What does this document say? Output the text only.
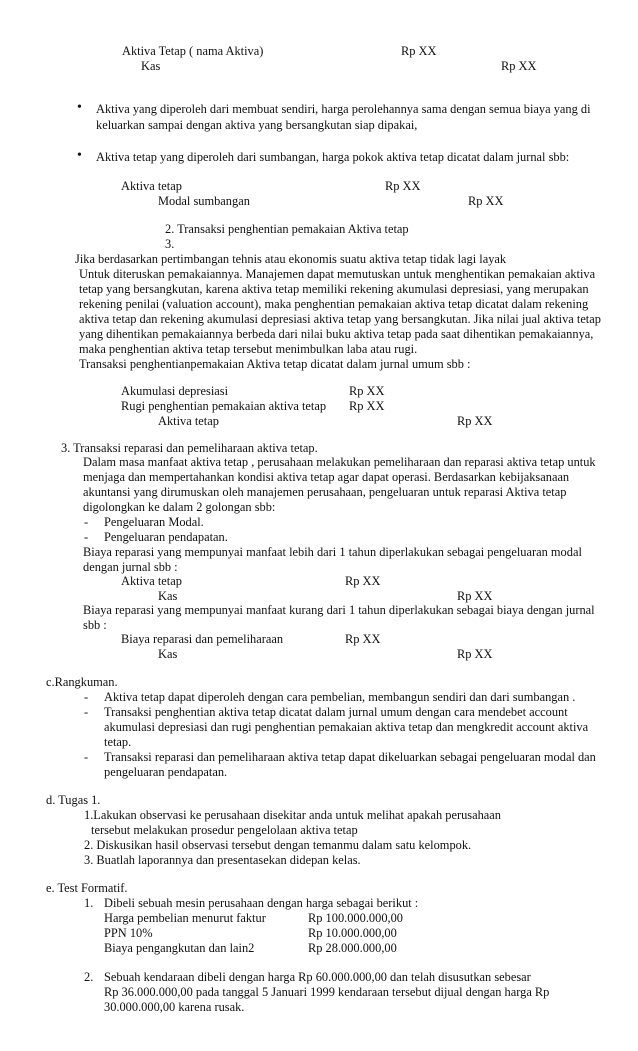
Aktiva Tetap ( nama Aktiva)	Rp XX
Kas	Rp XX
• Aktiva yang diperoleh dari membuat sendiri, harga perolehannya sama dengan semua biaya yang di
keluarkan sampai dengan aktiva yang bersangkutan siap dipakai,
• Aktiva tetap yang diperoleh dari sumbangan, harga pokok aktiva tetap dicatat dalam jurnal sbb:
Aktiva tetap	Rp XX
Modal sumbangan	Rp XX
2. Transaksi penghentian pemakaian Aktiva tetap
3.
Jika berdasarkan pertimbangan tehnis atau ekonomis suatu aktiva tetap tidak lagi layak
Untuk diteruskan pemakaiannya. Manajemen dapat memutuskan untuk menghentikan pemakaian aktiva
tetap yang bersangkutan, karena aktiva tetap memiliki rekening akumulasi depresiasi, yang merupakan
rekening penilai (valuation account), maka penghentian pemakaian aktiva tetap dicatat dalam rekening
aktiva tetap dan rekening akumulasi depresiasi aktiva tetap yang bersangkutan. Jika nilai jual aktiva tetap
yang dihentikan pemakaiannya berbeda dari nilai buku aktiva tetap pada saat dihentikan pemakaiannya,
maka penghentian aktiva tetap tersebut menimbulkan laba atau rugi.
Transaksi penghentianpemakaian Aktiva tetap dicatat dalam jurnal umum sbb :
Akumulasi depresiasi	Rp XX
Rugi penghentian pemakaian aktiva tetap Rp XX
Aktiva tetap	Rp XX
3. Transaksi reparasi dan pemeliharaan aktiva tetap.
Dalam masa manfaat aktiva tetap , perusahaan melakukan pemeliharaan dan reparasi aktiva tetap untuk
menjaga dan mempertahankan kondisi aktiva tetap agar dapat operasi. Berdasarkan kebijaksanaan
akuntansi yang dirumuskan oleh manajemen perusahaan, pengeluaran untuk reparasi Aktiva tetap
digolongkan ke dalam 2 golongan sbb:
- Pengeluaran Modal.
- Pengeluaran pendapatan.
Biaya reparasi yang mempunyai manfaat lebih dari 1 tahun diperlakukan sebagai pengeluaran modal
dengan jurnal sbb :
Aktiva tetap	Rp XX
Kas	Rp XX
Biaya reparasi yang mempunyai manfaat kurang dari 1 tahun diperlakukan sebagai biaya dengan jurnal
sbb :
Biaya reparasi dan pemeliharaan	Rp XX
Kas	Rp XX
c.Rangkuman.
- Aktiva tetap dapat diperoleh dengan cara pembelian, membangun sendiri dan dari sumbangan .
- Transaksi penghentian aktiva tetap dicatat dalam jurnal umum dengan cara mendebet account
akumulasi depresiasi dan rugi penghentian pemakaian aktiva tetap dan mengkredit account aktiva
tetap.
- Transaksi reparasi dan pemeliharaan aktiva tetap dapat dikeluarkan sebagai pengeluaran modal dan
pengeluaran pendapatan.
d. Tugas 1.
1.Lakukan observasi ke perusahaan disekitar anda untuk melihat apakah perusahaan
tersebut melakukan prosedur pengelolaan aktiva tetap
2. Diskusikan hasil observasi tersebut dengan temanmu dalam satu kelompok.
3. Buatlah laporannya dan presentasekan didepan kelas.
e. Test Formatif.
1. Dibeli sebuah mesin perusahaan dengan harga sebagai berikut :
Harga pembelian menurut faktur	Rp 100.000.000,00
PPN 10%	Rp 10.000.000,00
Biaya pengangkutan dan lain2	Rp 28.000.000,00
2. Sebuah kendaraan dibeli dengan harga Rp 60.000.000,00 dan telah disusutkan sebesar
Rp 36.000.000,00 pada tanggal 5 Januari 1999 kendaraan tersebut dijual dengan harga Rp
30.000.000,00 karena rusak.
